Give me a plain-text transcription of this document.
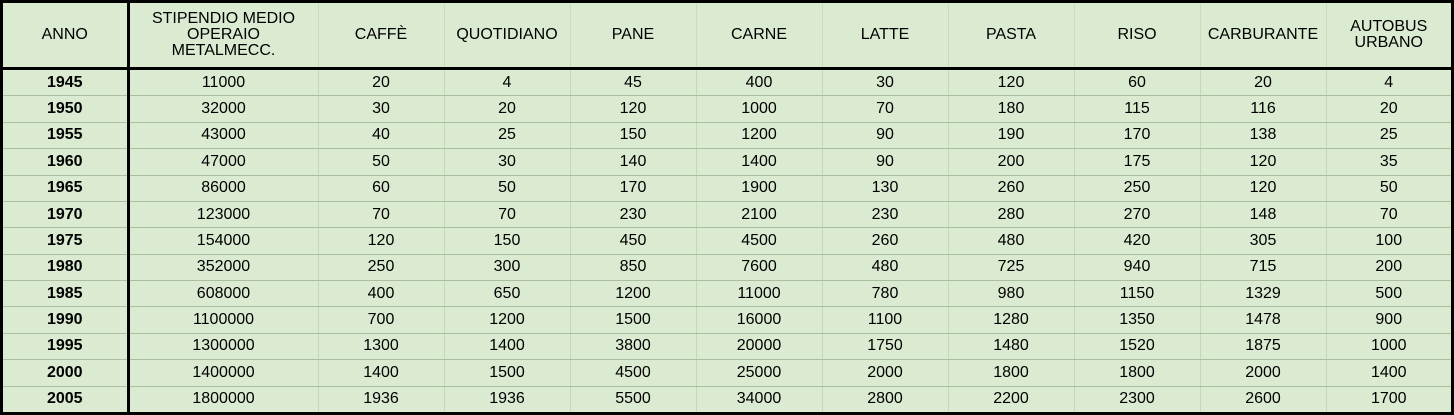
ANNO	STIPENDIO MEDIO OPERAIO METALMECC.	CAFFÈ	QUOTIDIANO	PANE	CARNE	LATTE	PASTA	RISO	CARBURANTE	AUTOBUS URBANO
1945	11000	20	4	45	400	30	120	60	20	4
1950	32000	30	20	120	1000	70	180	115	116	20
1955	43000	40	25	150	1200	90	190	170	138	25
1960	47000	50	30	140	1400	90	200	175	120	35
1965	86000	60	50	170	1900	130	260	250	120	50
1970	123000	70	70	230	2100	230	280	270	148	70
1975	154000	120	150	450	4500	260	480	420	305	100
1980	352000	250	300	850	7600	480	725	940	715	200
1985	608000	400	650	1200	11000	780	980	1150	1329	500
1990	1100000	700	1200	1500	16000	1100	1280	1350	1478	900
1995	1300000	1300	1400	3800	20000	1750	1480	1520	1875	1000
2000	1400000	1400	1500	4500	25000	2000	1800	1800	2000	1400
2005	1800000	1936	1936	5500	34000	2800	2200	2300	2600	1700
